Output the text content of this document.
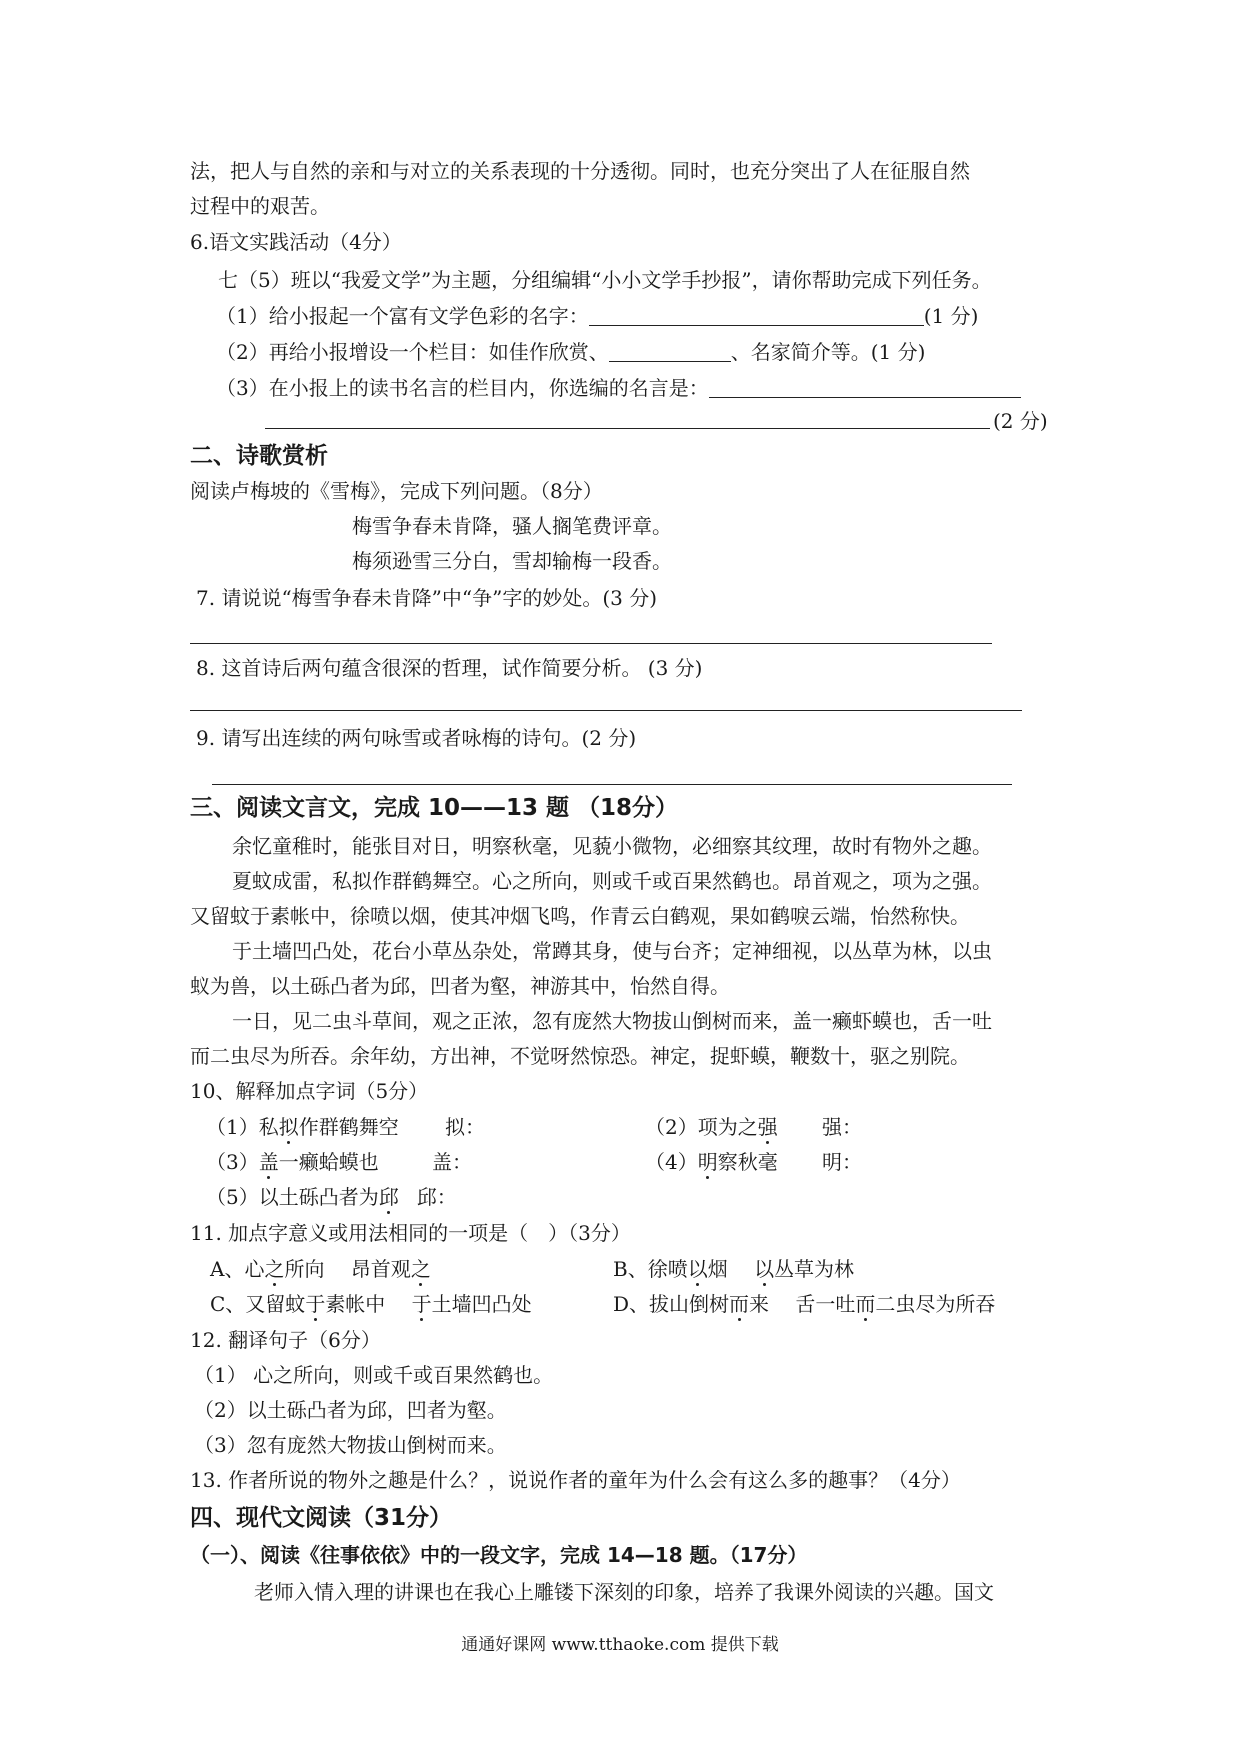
法，把人与自然的亲和与对立的关系表现的十分透彻。同时，也充分突出了人在征服自然
过程中的艰苦。
6.语文实践活动（4分）
七（5）班以“我爱文学”为主题，分组编辑“小小文学手抄报”，请你帮助完成下列任务。
（1）给小报起一个富有文学色彩的名字：	(1 分)
（2）再给小报增设一个栏目：如佳作欣赏、	、名家简介等。(1 分)
（3）在小报上的读书名言的栏目内，你选编的名言是：
(2 分)
二、诗歌赏析
阅读卢梅坡的《雪梅》，完成下列问题。（8分）
梅雪争春未肯降，骚人搁笔费评章。
梅须逊雪三分白，雪却输梅一段香。
7. 请说说“梅雪争春未肯降”中“争”字的妙处。(3 分)
8. 这首诗后两句蕴含很深的哲理，试作简要分析。 (3 分)
9. 请写出连续的两句咏雪或者咏梅的诗句。(2 分)
三、阅读文言文，完成 10——13 题 （18分）
余忆童稚时，能张目对日，明察秋毫，见藐小微物，必细察其纹理，故时有物外之趣。
夏蚊成雷，私拟作群鹤舞空。心之所向，则或千或百果然鹤也。昂首观之，项为之强。
又留蚊于素帐中，徐喷以烟，使其冲烟飞鸣，作青云白鹤观，果如鹤唳云端，怡然称快。
于土墙凹凸处，花台小草丛杂处，常蹲其身，使与台齐；定神细视，以丛草为林，以虫
蚁为兽，以土砾凸者为邱，凹者为壑，神游其中，怡然自得。
一日，见二虫斗草间，观之正浓，忽有庞然大物拔山倒树而来，盖一癞虾蟆也，舌一吐
而二虫尽为所吞。余年幼，方出神，不觉呀然惊恐。神定，捉虾蟆，鞭数十，驱之别院。
10、解释加点字词（5分）
（1）私拟作群鹤舞空 拟：	（2）项为之强 强：
（3）盖一癞蛤蟆也	盖：	（4）明察秋毫 明：
（5）以土砾凸者为邱 邱：
11. 加点字意义或用法相同的一项是（　）（3分）
A、心之所向　 昂首观之	B、徐喷以烟　 以丛草为林
C、又留蚊于素帐中　 于土墙凹凸处	D、拔山倒树而来　 舌一吐而二虫尽为所吞
12. 翻译句子（6分）
（1） 心之所向，则或千或百果然鹤也。
（2）以土砾凸者为邱，凹者为壑。
（3）忽有庞然大物拔山倒树而来。
13. 作者所说的物外之趣是什么？，说说作者的童年为什么会有这么多的趣事？（4分）
四、现代文阅读（31分）
（一）、阅读《往事依依》中的一段文字，完成 14—18 题。（17分）
老师入情入理的讲课也在我心上雕镂下深刻的印象，培养了我课外阅读的兴趣。国文
通通好课网 www.tthaoke.com 提供下载
